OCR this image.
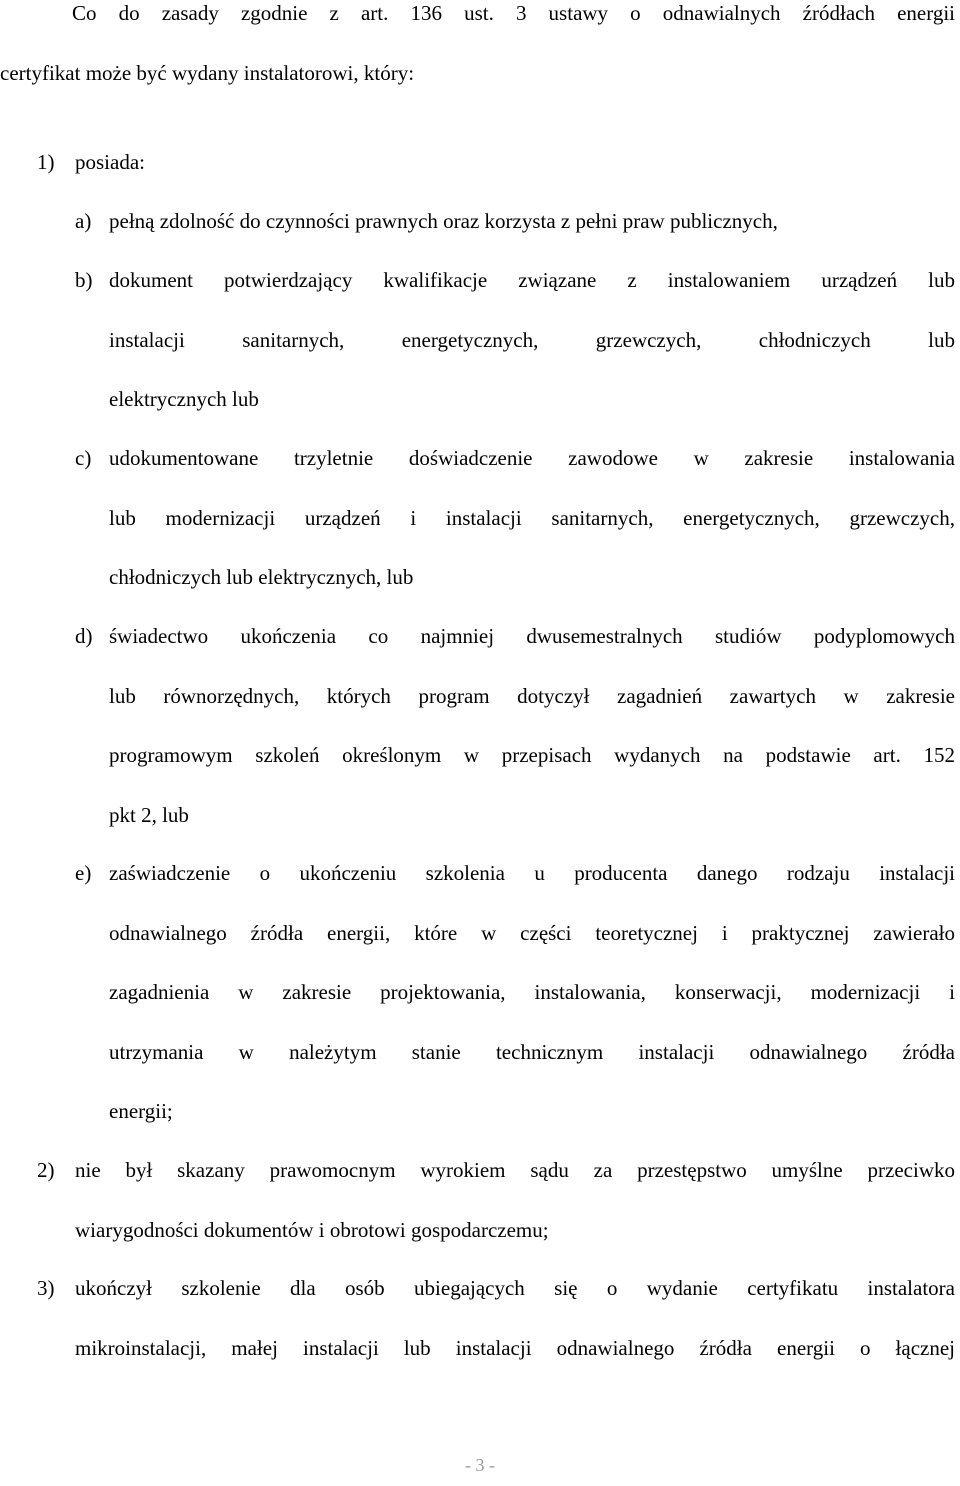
Co do zasady zgodnie z art. 136 ust. 3 ustawy o odnawialnych źródłach energii
certyfikat może być wydany instalatorowi, który:
1) posiada:
a) pełną zdolność do czynności prawnych oraz korzysta z pełni praw publicznych,
b) dokument potwierdzający kwalifikacje związane z instalowaniem urządzeń lub
instalacji sanitarnych, energetycznych, grzewczych, chłodniczych lub
elektrycznych lub
c) udokumentowane trzyletnie doświadczenie zawodowe w zakresie instalowania
lub modernizacji urządzeń i instalacji sanitarnych, energetycznych, grzewczych,
chłodniczych lub elektrycznych, lub
d) świadectwo ukończenia co najmniej dwusemestralnych studiów podyplomowych
lub równorzędnych, których program dotyczył zagadnień zawartych w zakresie
programowym szkoleń określonym w przepisach wydanych na podstawie art. 152
pkt 2, lub
e) zaświadczenie o ukończeniu szkolenia u producenta danego rodzaju instalacji
odnawialnego źródła energii, które w części teoretycznej i praktycznej zawierało
zagadnienia w zakresie projektowania, instalowania, konserwacji, modernizacji i
utrzymania w należytym stanie technicznym instalacji odnawialnego źródła
energii;
2) nie był skazany prawomocnym wyrokiem sądu za przestępstwo umyślne przeciwko
wiarygodności dokumentów i obrotowi gospodarczemu;
3) ukończył szkolenie dla osób ubiegających się o wydanie certyfikatu instalatora
mikroinstalacji, małej instalacji lub instalacji odnawialnego źródła energii o łącznej
- 3 -
